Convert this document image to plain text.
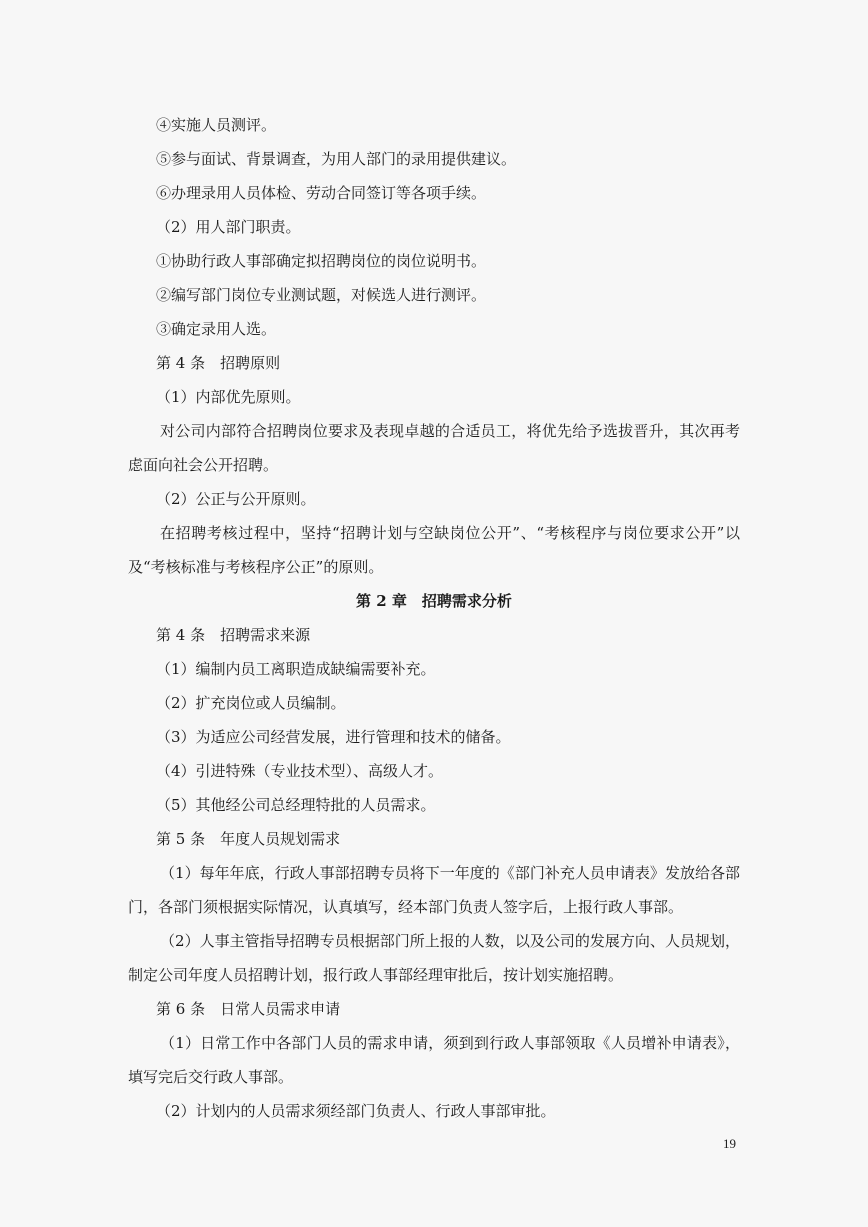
④实施人员测评。
⑤参与面试、背景调查，为用人部门的录用提供建议。
⑥办理录用人员体检、劳动合同签订等各项手续。
（2）用人部门职责。
①协助行政人事部确定拟招聘岗位的岗位说明书。
②编写部门岗位专业测试题，对候选人进行测评。
③确定录用人选。
第 4 条　招聘原则
（1）内部优先原则。
对公司内部符合招聘岗位要求及表现卓越的合适员工，将优先给予选拔晋升，其次再考虑面向社会公开招聘。
（2）公正与公开原则。
在招聘考核过程中，坚持“招聘计划与空缺岗位公开”、“考核程序与岗位要求公开”以及“考核标准与考核程序公正”的原则。
第 2 章　招聘需求分析
第 4 条　招聘需求来源
（1）编制内员工离职造成缺编需要补充。
（2）扩充岗位或人员编制。
（3）为适应公司经营发展，进行管理和技术的储备。
（4）引进特殊（专业技术型）、高级人才。
（5）其他经公司总经理特批的人员需求。
第 5 条　年度人员规划需求
（1）每年年底，行政人事部招聘专员将下一年度的《部门补充人员申请表》发放给各部门，各部门须根据实际情况，认真填写，经本部门负责人签字后，上报行政人事部。
（2）人事主管指导招聘专员根据部门所上报的人数，以及公司的发展方向、人员规划，制定公司年度人员招聘计划，报行政人事部经理审批后，按计划实施招聘。
第 6 条　日常人员需求申请
（1）日常工作中各部门人员的需求申请，须到到行政人事部领取《人员增补申请表》，填写完后交行政人事部。
（2）计划内的人员需求须经部门负责人、行政人事部审批。
19
